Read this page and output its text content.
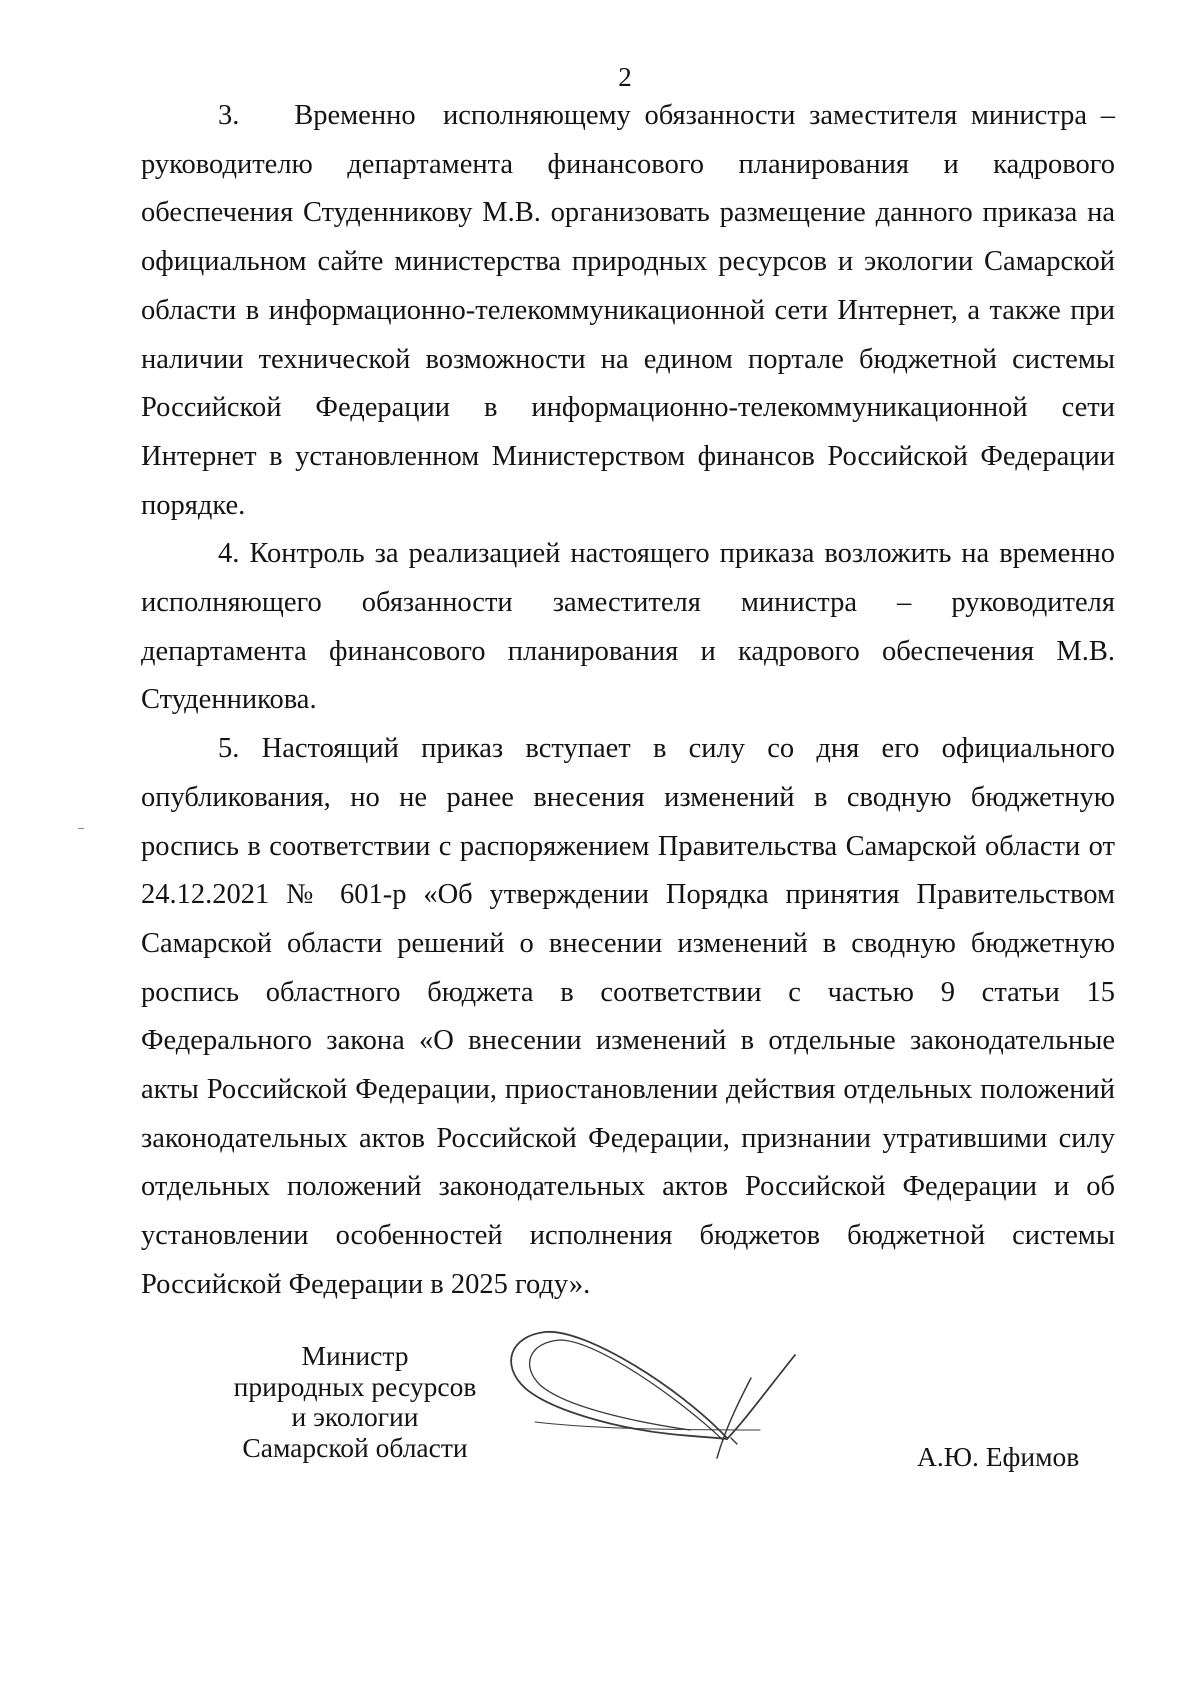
2

3.    Временно  исполняющему обязанности заместителя министра – руководителю департамента финансового планирования и кадрового обеспечения Студенникову М.В. организовать размещение данного приказа на официальном сайте министерства природных ресурсов и экологии Самарской области в информационно-телекоммуникационной сети Интернет, а также при наличии технической возможности на едином портале бюджетной системы Российской Федерации в информационно-телекоммуникационной сети Интернет в установленном Министерством финансов Российской Федерации порядке.

4. Контроль за реализацией настоящего приказа возложить на временно исполняющего обязанности заместителя министра – руководителя департамента финансового планирования и кадрового обеспечения М.В. Студенникова.

5. Настоящий приказ вступает в силу со дня его официального опубликования, но не ранее внесения изменений в сводную бюджетную роспись в соответствии с распоряжением Правительства Самарской области от 24.12.2021 № 601-р «Об утверждении Порядка принятия Правительством Самарской области решений о внесении изменений в сводную бюджетную роспись областного бюджета в соответствии с частью 9 статьи 15 Федерального закона «О внесении изменений в отдельные законодательные акты Российской Федерации, приостановлении действия отдельных положений законодательных актов Российской Федерации, признании утратившими силу отдельных положений законодательных актов Российской Федерации и об установлении особенностей исполнения бюджетов бюджетной системы Российской Федерации в 2025 году».

Министр
природных ресурсов
и экологии
Самарской области	А.Ю. Ефимов
